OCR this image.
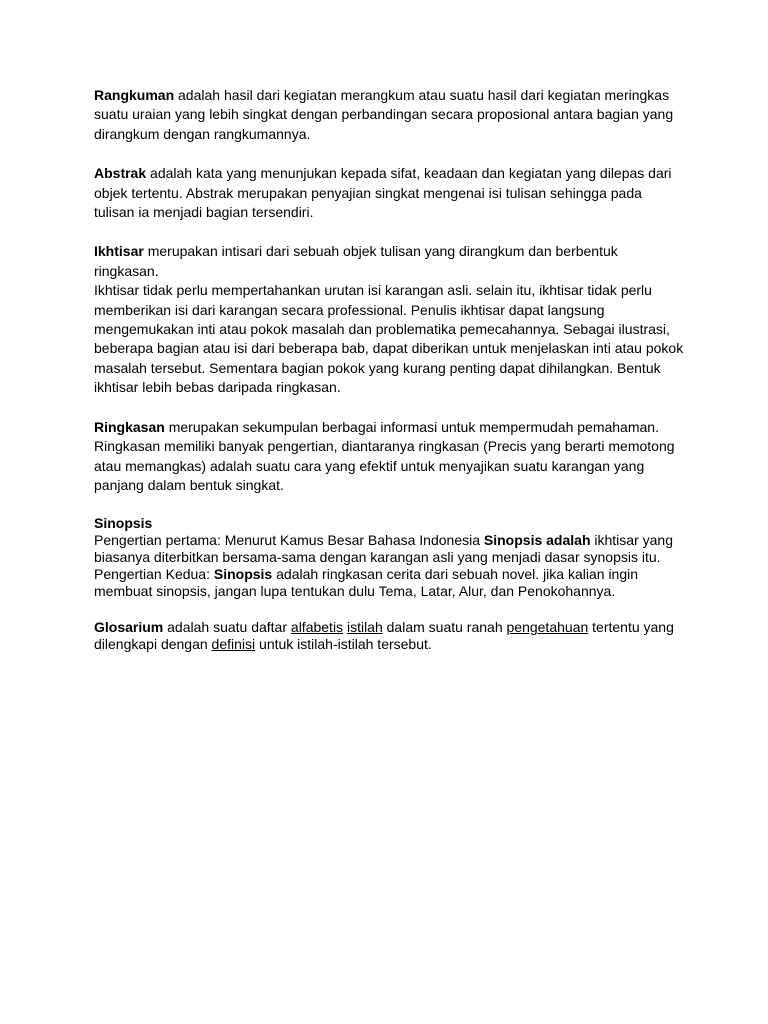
Rangkuman adalah hasil dari kegiatan merangkum atau suatu hasil dari kegiatan meringkas suatu uraian yang lebih singkat dengan perbandingan secara proposional antara bagian yang dirangkum dengan rangkumannya.

Abstrak adalah kata yang menunjukan kepada sifat, keadaan dan kegiatan yang dilepas dari objek tertentu. Abstrak merupakan penyajian singkat mengenai isi tulisan sehingga pada tulisan ia menjadi bagian tersendiri.

Ikhtisar merupakan intisari dari sebuah objek tulisan yang dirangkum dan berbentuk ringkasan.
Ikhtisar tidak perlu mempertahankan urutan isi karangan asli. selain itu, ikhtisar tidak perlu memberikan isi dari karangan secara professional. Penulis ikhtisar dapat langsung mengemukakan inti atau pokok masalah dan problematika pemecahannya. Sebagai ilustrasi, beberapa bagian atau isi dari beberapa bab, dapat diberikan untuk menjelaskan inti atau pokok masalah tersebut. Sementara bagian pokok yang kurang penting dapat dihilangkan. Bentuk ikhtisar lebih bebas daripada ringkasan.

Ringkasan merupakan sekumpulan berbagai informasi untuk mempermudah pemahaman. Ringkasan memiliki banyak pengertian, diantaranya ringkasan (Precis yang berarti memotong atau memangkas) adalah suatu cara yang efektif untuk menyajikan suatu karangan yang panjang dalam bentuk singkat.

Sinopsis
Pengertian pertama: Menurut Kamus Besar Bahasa Indonesia Sinopsis adalah ikhtisar yang biasanya diterbitkan bersama-sama dengan karangan asli yang menjadi dasar synopsis itu.
Pengertian Kedua: Sinopsis adalah ringkasan cerita dari sebuah novel. jika kalian ingin membuat sinopsis, jangan lupa tentukan dulu Tema, Latar, Alur, dan Penokohannya.

Glosarium adalah suatu daftar alfabetis istilah dalam suatu ranah pengetahuan tertentu yang dilengkapi dengan definisi untuk istilah-istilah tersebut.
